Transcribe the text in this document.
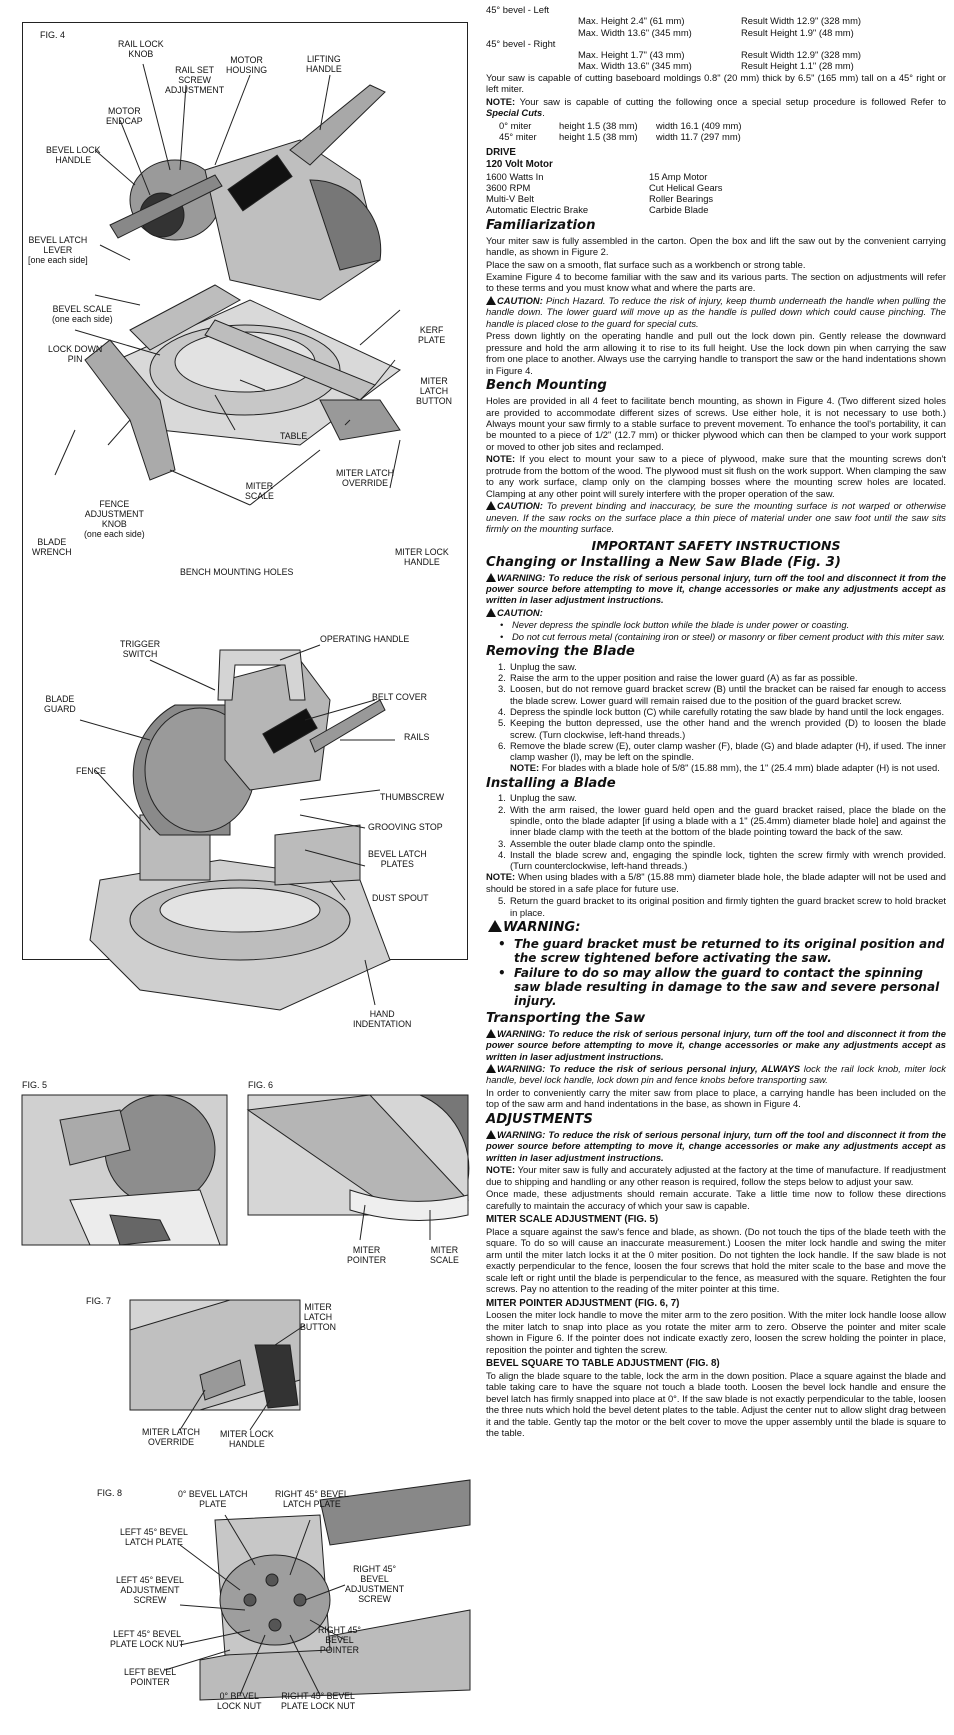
FIG. 4
RAIL LOCK
KNOB
RAIL SET
SCREW
ADJUSTMENT
MOTOR
HOUSING
LIFTING
HANDLE
MOTOR
ENDCAP
BEVEL LOCK
HANDLE
BEVEL LATCH
LEVER
[one each side]
BEVEL SCALE
(one each side)
LOCK DOWN
PIN
KERF
PLATE
MITER
LATCH
BUTTON
TABLE
MITER
SCALE
MITER LATCH
OVERRIDE
FENCE
ADJUSTMENT
KNOB
(one each side)
BLADE
WRENCH	MITER LOCK
HANDLE
BENCH MOUNTING HOLES
TRIGGER
SWITCH
OPERATING HANDLE
BLADE
GUARD
BELT COVER
RAILS
FENCE
THUMBSCREW
GROOVING STOP
BEVEL LATCH
PLATES
DUST SPOUT
HAND
INDENTATION
FIG. 5	FIG. 6
MITER
POINTER
MITER
SCALE
FIG. 7
MITER
LATCH
BUTTON
MITER LATCH
OVERRIDE
MITER LOCK
HANDLE
FIG. 8	0° BEVEL LATCH
PLATE
RIGHT 45° BEVEL
LATCH PLATE
LEFT 45° BEVEL
LATCH PLATE
RIGHT 45°
BEVEL
ADJUSTMENT
SCREW
LEFT 45° BEVEL
ADJUSTMENT
SCREW
RIGHT 45°
BEVEL
POINTER
LEFT 45° BEVEL
PLATE LOCK NUT
LEFT BEVEL
POINTER
0° BEVEL
LOCK NUT
RIGHT 45° BEVEL
PLATE LOCK NUT
45° bevel - Left
Max. Height 2.4" (61 mm)	Result Width 12.9" (328 mm)
Max. Width 13.6" (345 mm)	Result Height 1.9" (48 mm)
45° bevel - Right
Max. Height 1.7" (43 mm)	Result Width 12.9" (328 mm)
Max. Width 13.6" (345 mm)	Result Height 1.1" (28 mm)
Your saw is capable of cutting baseboard moldings 0.8" (20 mm) thick by 6.5" (165 mm) tall on a 45° right or left miter.
NOTE: Your saw is capable of cutting the following once a special setup procedure is followed Refer to Special Cuts.
0° miter	height 1.5 (38 mm)	width 16.1 (409 mm)
45° miter	height 1.5 (38 mm)	width 11.7 (297 mm)
DRIVE
120 Volt Motor
1600 Watts In	15 Amp Motor
3600 RPM	Cut Helical Gears
Multi-V Belt	Roller Bearings
Automatic Electric Brake	Carbide Blade
Familiarization
Your miter saw is fully assembled in the carton. Open the box and lift the saw out by the convenient carrying handle, as shown in Figure 2.
Place the saw on a smooth, flat surface such as a workbench or strong table.
Examine Figure 4 to become familiar with the saw and its various parts. The section on adjustments will refer to these terms and you must know what and where the parts are.
CAUTION: Pinch Hazard. To reduce the risk of injury, keep thumb underneath the handle when pulling the handle down. The lower guard will move up as the handle is pulled down which could cause pinching. The handle is placed close to the guard for special cuts.
Press down lightly on the operating handle and pull out the lock down pin. Gently release the downward pressure and hold the arm allowing it to rise to its full height. Use the lock down pin when carrying the saw from one place to another. Always use the carrying handle to transport the saw or the hand indentations shown in Figure 4.
Bench Mounting
Holes are provided in all 4 feet to facilitate bench mounting, as shown in Figure 4. (Two different sized holes are provided to accommodate different sizes of screws. Use either hole, it is not necessary to use both.) Always mount your saw firmly to a stable surface to prevent movement. To enhance the tool's portability, it can be mounted to a piece of 1/2" (12.7 mm) or thicker plywood which can then be clamped to your work support or moved to other job sites and reclamped.
NOTE: If you elect to mount your saw to a piece of plywood, make sure that the mounting screws don't protrude from the bottom of the wood. The plywood must sit flush on the work support. When clamping the saw to any work surface, clamp only on the clamping bosses where the mounting screw holes are located. Clamping at any other point will surely interfere with the proper operation of the saw.
CAUTION: To prevent binding and inaccuracy, be sure the mounting surface is not warped or otherwise uneven. If the saw rocks on the surface place a thin piece of material under one saw foot until the saw sits firmly on the mounting surface.
IMPORTANT SAFETY INSTRUCTIONS
Changing or Installing a New Saw Blade (Fig. 3)
WARNING: To reduce the risk of serious personal injury, turn off the tool and disconnect it from the power source before attempting to move it, change accessories or make any adjustments accept as written in laser adjustment instructions.
CAUTION:
• Never depress the spindle lock button while the blade is under power or coasting.
• Do not cut ferrous metal (containing iron or steel) or masonry or fiber cement product with this miter saw.
Removing the Blade
1. Unplug the saw.
2. Raise the arm to the upper position and raise the lower guard (A) as far as possible.
3. Loosen, but do not remove guard bracket screw (B) until the bracket can be raised far enough to access the blade screw. Lower guard will remain raised due to the position of the guard bracket screw.
4. Depress the spindle lock button (C) while carefully rotating the saw blade by hand until the lock engages.
5. Keeping the button depressed, use the other hand and the wrench provided (D) to loosen the blade screw. (Turn clockwise, left-hand threads.)
6. Remove the blade screw (E), outer clamp washer (F), blade (G) and blade adapter (H), if used. The inner clamp washer (I), may be left on the spindle.
NOTE: For blades with a blade hole of 5/8" (15.88 mm), the 1" (25.4 mm) blade adapter (H) is not used.
Installing a Blade
1. Unplug the saw.
2. With the arm raised, the lower guard held open and the guard bracket raised, place the blade on the spindle, onto the blade adapter [if using a blade with a 1" (25.4mm) diameter blade hole] and against the inner blade clamp with the teeth at the bottom of the blade pointing toward the back of the saw.
3. Assemble the outer blade clamp onto the spindle.
4. Install the blade screw and, engaging the spindle lock, tighten the screw firmly with wrench provided. (Turn counterclockwise, left-hand threads.)
NOTE: When using blades with a 5/8" (15.88 mm) diameter blade hole, the blade adapter will not be used and should be stored in a safe place for future use.
5. Return the guard bracket to its original position and firmly tighten the guard bracket screw to hold bracket in place.
WARNING:
• The guard bracket must be returned to its original position and the screw tightened before activating the saw.
• Failure to do so may allow the guard to contact the spinning saw blade resulting in damage to the saw and severe personal injury.
Transporting the Saw
WARNING: To reduce the risk of serious personal injury, turn off the tool and disconnect it from the power source before attempting to move it, change accessories or make any adjustments accept as written in laser adjustment instructions.
WARNING: To reduce the risk of serious personal injury, ALWAYS lock the rail lock knob, miter lock handle, bevel lock handle, lock down pin and fence knobs before transporting saw.
In order to conveniently carry the miter saw from place to place, a carrying handle has been included on the top of the saw arm and hand indentations in the base, as shown in Figure 4.
ADJUSTMENTS
WARNING: To reduce the risk of serious personal injury, turn off the tool and disconnect it from the power source before attempting to move it, change accessories or make any adjustments accept as written in laser adjustment instructions.
NOTE: Your miter saw is fully and accurately adjusted at the factory at the time of manufacture. If readjustment due to shipping and handling or any other reason is required, follow the steps below to adjust your saw.
Once made, these adjustments should remain accurate. Take a little time now to follow these directions carefully to maintain the accuracy of which your saw is capable.
MITER SCALE ADJUSTMENT (FIG. 5)
Place a square against the saw's fence and blade, as shown. (Do not touch the tips of the blade teeth with the square. To do so will cause an inaccurate measurement.) Loosen the miter lock handle and swing the miter arm until the miter latch locks it at the 0 miter position. Do not tighten the lock handle. If the saw blade is not exactly perpendicular to the fence, loosen the four screws that hold the miter scale to the base and move the scale left or right until the blade is perpendicular to the fence, as measured with the square. Retighten the four screws. Pay no attention to the reading of the miter pointer at this time.
MITER POINTER ADJUSTMENT (FIG. 6, 7)
Loosen the miter lock handle to move the miter arm to the zero position. With the miter lock handle loose allow the miter latch to snap into place as you rotate the miter arm to zero. Observe the pointer and miter scale shown in Figure 6. If the pointer does not indicate exactly zero, loosen the screw holding the pointer in place, reposition the pointer and tighten the screw.
BEVEL SQUARE TO TABLE ADJUSTMENT (FIG. 8)
To align the blade square to the table, lock the arm in the down position. Place a square against the blade and table taking care to have the square not touch a blade tooth. Loosen the bevel lock handle and ensure the bevel latch has firmly snapped into place at 0°. If the saw blade is not exactly perpendicular to the table, loosen the three nuts which hold the bevel detent plates to the table. Adjust the center nut to allow slight drag between it and the table. Gently tap the motor or the belt cover to move the upper assembly until the blade is square to the table.
